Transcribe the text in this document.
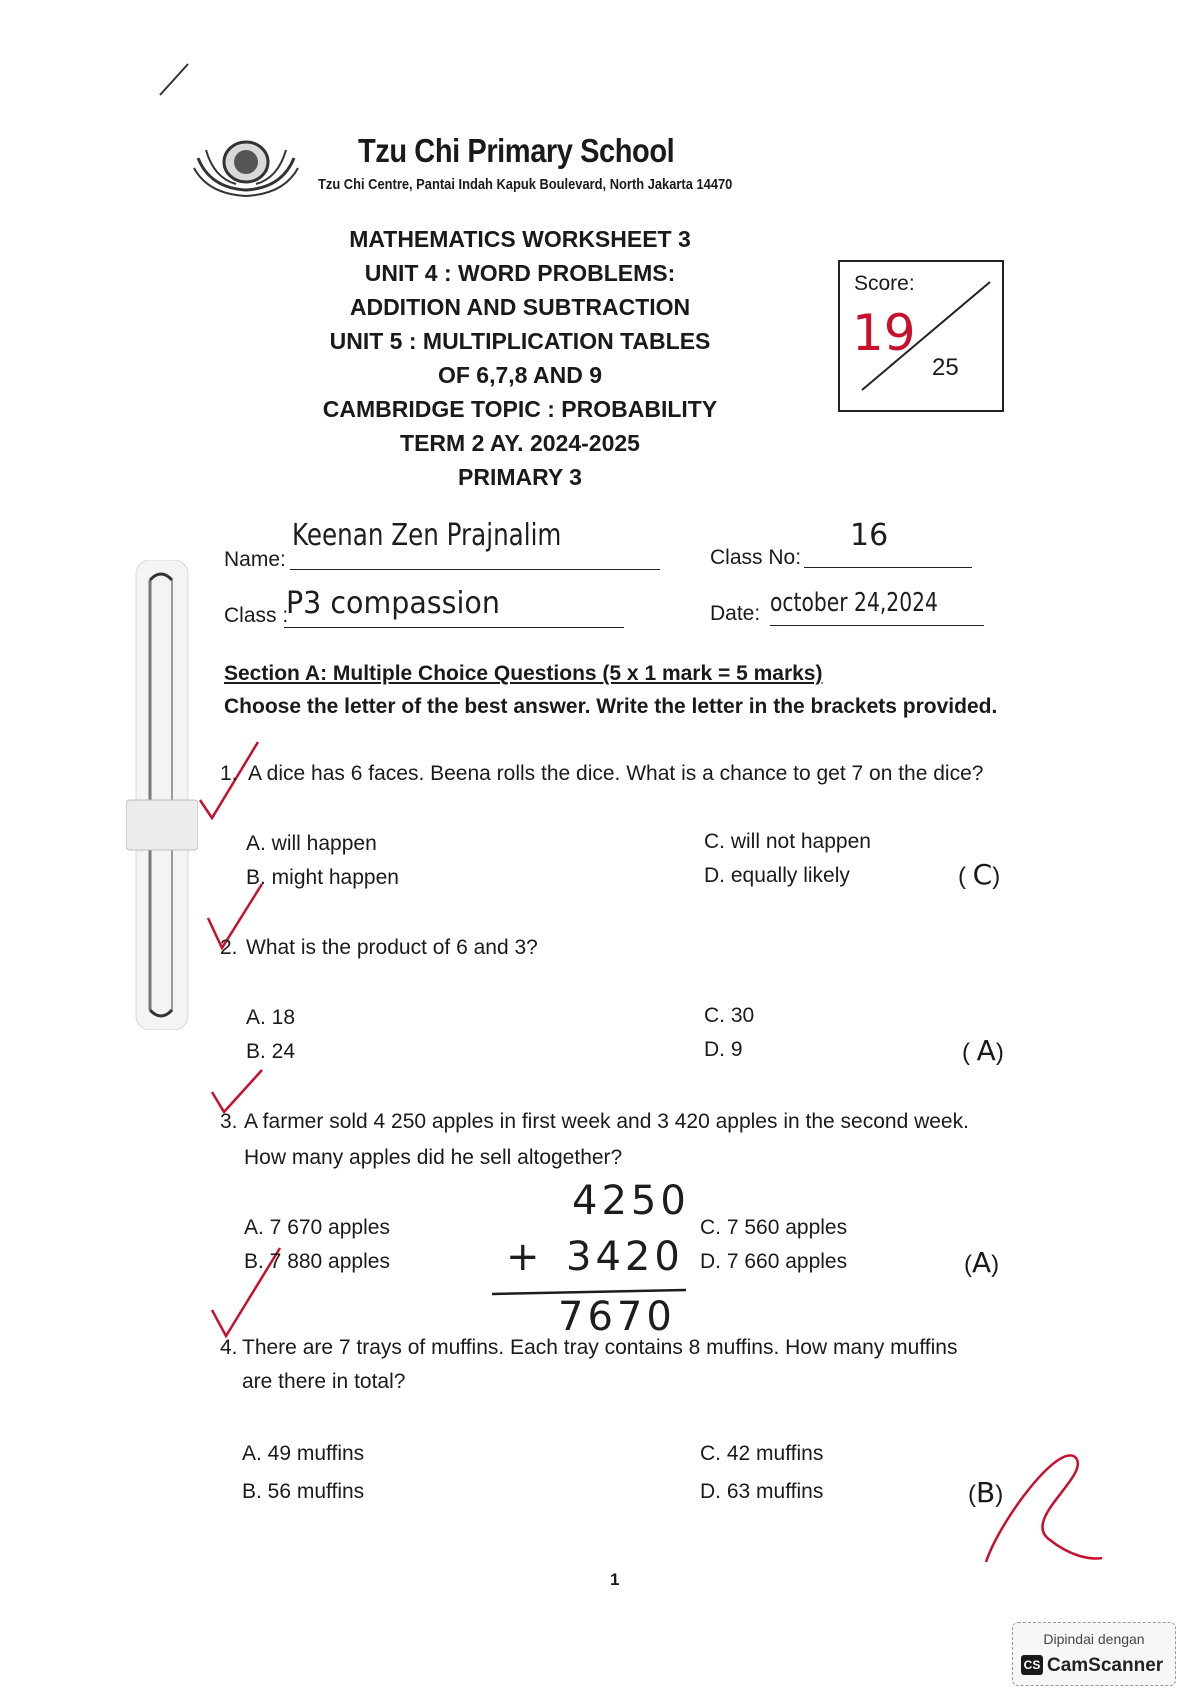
Tzu Chi Primary School
Tzu Chi Centre, Pantai Indah Kapuk Boulevard, North Jakarta 14470
MATHEMATICS WORKSHEET 3
UNIT 4 : WORD PROBLEMS:
ADDITION AND SUBTRACTION
UNIT 5 : MULTIPLICATION TABLES
OF 6,7,8 AND 9
CAMBRIDGE TOPIC : PROBABILITY
TERM 2 AY. 2024-2025
PRIMARY 3
Score:
19
25
Name:
Keenan Zen Prajnalim
Class No:
16
Class :
P3 compassion	Date: october 24,2024
Section A: Multiple Choice Questions (5 x 1 mark = 5 marks)
Choose the letter of the best answer. Write the letter in the brackets provided.
1. A dice has 6 faces. Beena rolls the dice. What is a chance to get 7 on the dice?
A. will happen
B. might happen
C. will not happen
D. equally likely	( C)
2. What is the product of 6 and 3?
A. 18
B. 24
C. 30
D. 9	( A)
3. A farmer sold 4 250 apples in first week and 3 420 apples in the second week.
How many apples did he sell altogether?
A. 7 670 apples
B. 7 880 apples
C. 7 560 apples
D. 7 660 apples	(A)
4250
+ 3420
7670
4. There are 7 trays of muffins. Each tray contains 8 muffins. How many muffins
are there in total?
A. 49 muffins
B. 56 muffins
C. 42 muffins
D. 63 muffins	(B)
1
Dipindai dengan
CS CamScanner
